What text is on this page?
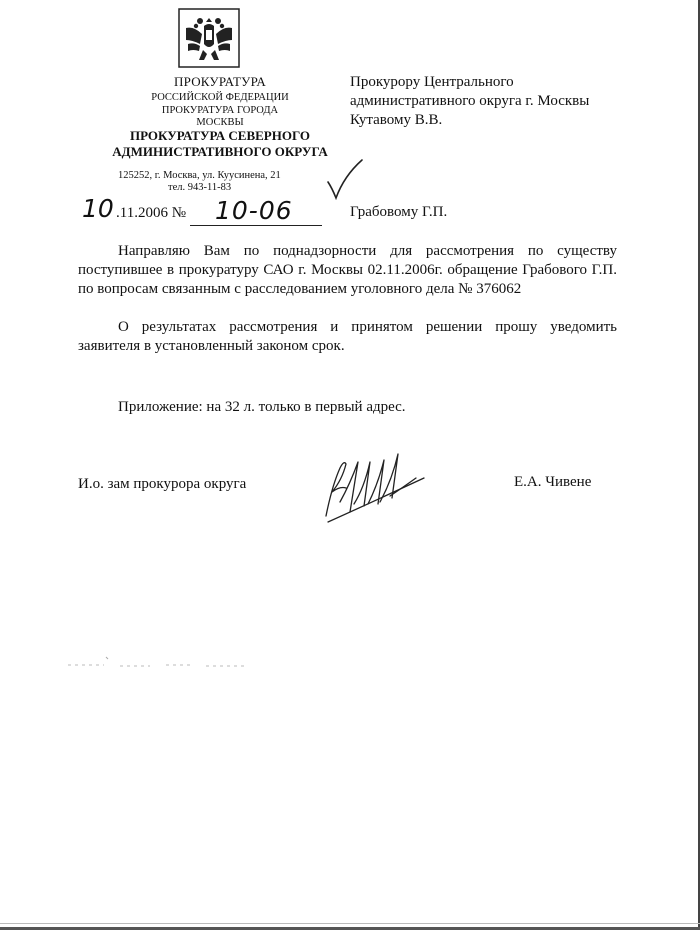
ПРОКУРАТУРА
РОССИЙСКОЙ ФЕДЕРАЦИИ
ПРОКУРАТУРА ГОРОДА
МОСКВЫ
ПРОКУРАТУРА СЕВЕРНОГО
АДМИНИСТРАТИВНОГО ОКРУГА
125252, г. Москва, ул. Куусинена, 21
тел. 943-11-83
Прокурору Центрального
административного округа г. Москвы
Кутавому В.В.
10 .11.2006 № 10-06	Грабовому Г.П.
Направляю Вам по поднадзорности для рассмотрения по существу поступившее в прокуратуру САО г. Москвы 02.11.2006г. обращение Грабового Г.П. по вопросам связанным с расследованием уголовного дела № 376062
О результатах рассмотрения и принятом решении прошу уведомить заявителя в установленный законом срок.
Приложение: на 32 л. только в первый адрес.
И.о. зам прокурора округа	Е.А. Чивене
